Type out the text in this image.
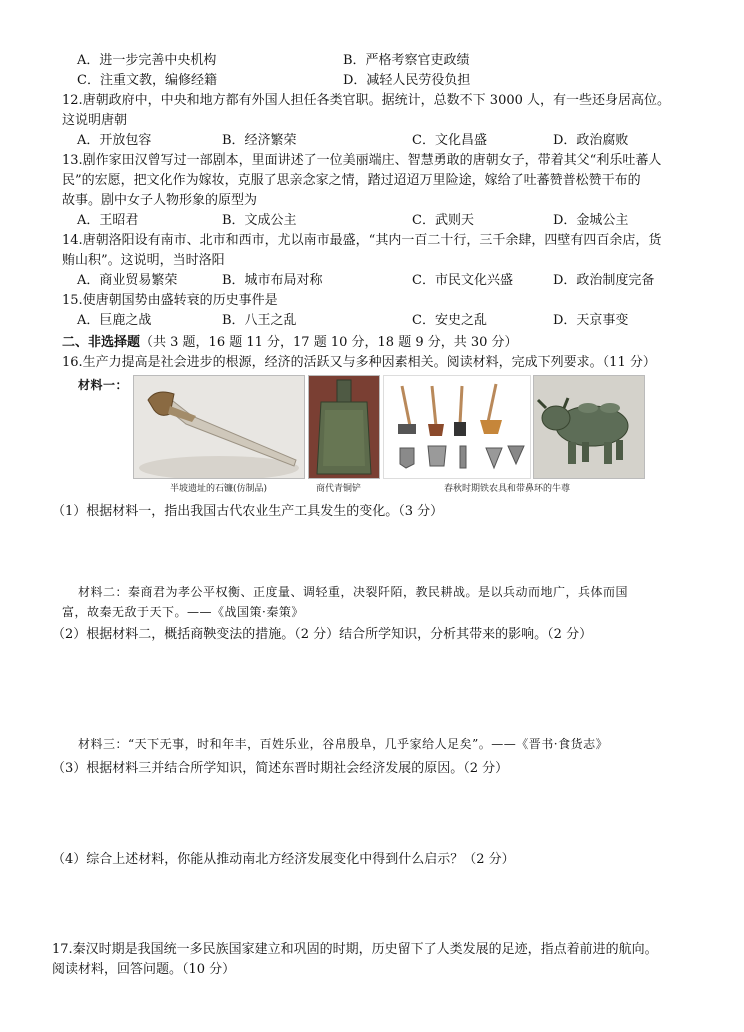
A．进一步完善中央机构	B．严格考察官吏政绩
C．注重文教，编修经籍	D．减轻人民劳役负担
12.唐朝政府中，中央和地方都有外国人担任各类官职。据统计，总数不下 3000 人，有一些还身居高位。
这说明唐朝
A．开放包容	B．经济繁荣	C．文化昌盛	D．政治腐败
13.剧作家田汉曾写过一部剧本，里面讲述了一位美丽端庄、智慧勇敢的唐朝女子，带着其父“利乐吐蕃人
民”的宏愿，把文化作为嫁妆，克服了思亲念家之情，踏过迢迢万里险途，嫁给了吐蕃赞普松赞干布的
故事。剧中女子人物形象的原型为
A．王昭君	B．文成公主	C．武则天	D．金城公主
14.唐朝洛阳设有南市、北市和西市，尤以南市最盛，“其内一百二十行，三千余肆，四壁有四百余店，货
贿山积”。这说明，当时洛阳
A．商业贸易繁荣	B．城市布局对称	C．市民文化兴盛	D．政治制度完备
15.使唐朝国势由盛转衰的历史事件是
A．巨鹿之战	B．八王之乱	C．安史之乱	D．天京事变
二、非选择题（共 3 题，16 题 11 分，17 题 10 分，18 题 9 分，共 30 分）
16.生产力提高是社会进步的根源，经济的活跃又与多种因素相关。阅读材料，完成下列要求。（11 分）
材料一：
半坡遗址的石镰(仿制品)	商代青铜铲	春秋时期铁农具和带鼻环的牛尊
（1）根据材料一，指出我国古代农业生产工具发生的变化。（3 分）
材料二：秦商君为孝公平权衡、正度量、调轻重，决裂阡陌，教民耕战。是以兵动而地广，兵体而国
富，故秦无敌于天下。——《战国策·秦策》
（2）根据材料二，概括商鞅变法的措施。（2 分）结合所学知识，分析其带来的影响。（2 分）
材料三：“天下无事，时和年丰，百姓乐业，谷帛殷阜，几乎家给人足矣”。——《晋书·食货志》
（3）根据材料三并结合所学知识，简述东晋时期社会经济发展的原因。（2 分）
（4）综合上述材料，你能从推动南北方经济发展变化中得到什么启示？（2 分）
17.秦汉时期是我国统一多民族国家建立和巩固的时期，历史留下了人类发展的足迹，指点着前进的航向。
阅读材料，回答问题。（10 分）
